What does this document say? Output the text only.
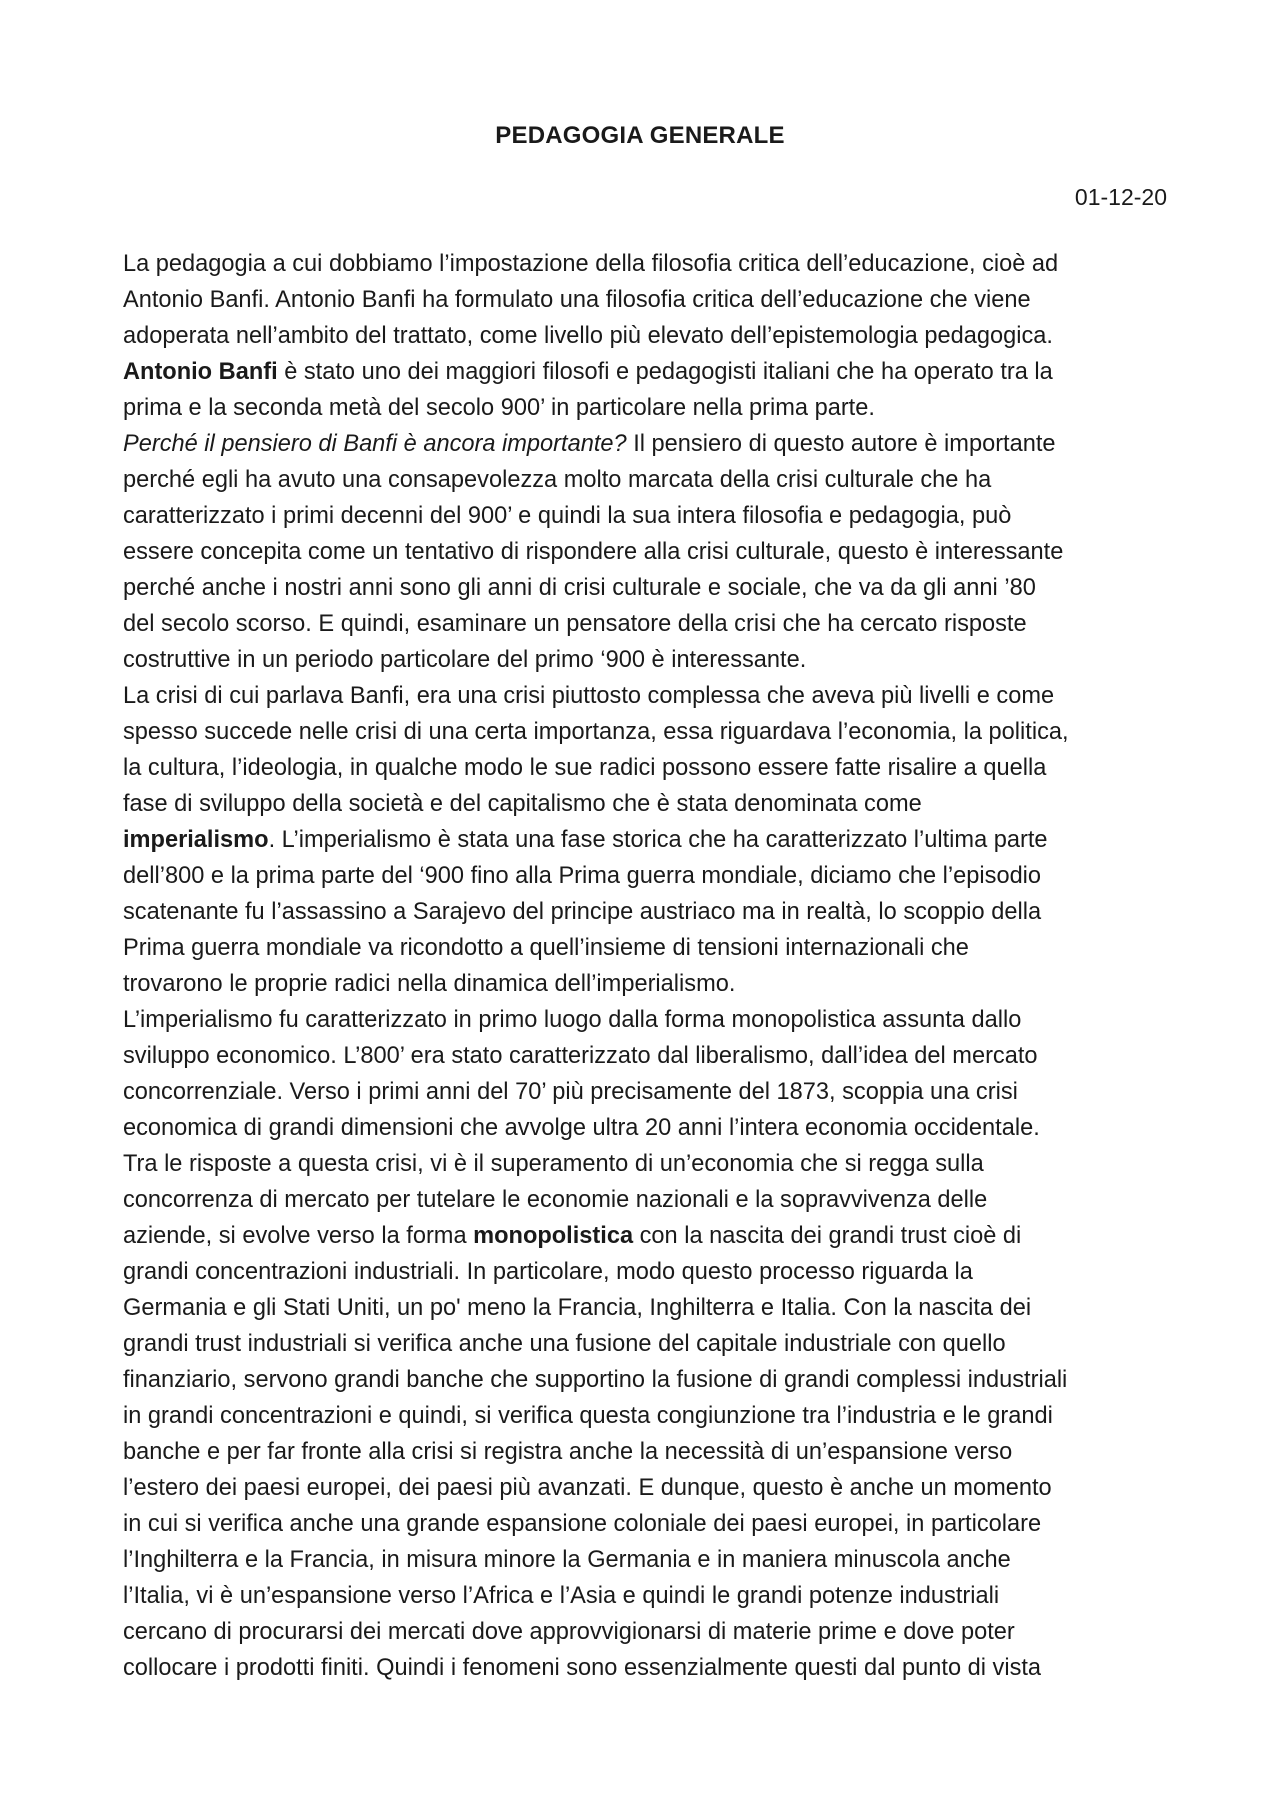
PEDAGOGIA GENERALE
01-12-20

La pedagogia a cui dobbiamo l’impostazione della filosofia critica dell’educazione, cioè ad
Antonio Banfi. Antonio Banfi ha formulato una filosofia critica dell’educazione che viene
adoperata nell’ambito del trattato, come livello più elevato dell’epistemologia pedagogica.
Antonio Banfi è stato uno dei maggiori filosofi e pedagogisti italiani che ha operato tra la
prima e la seconda metà del secolo 900’ in particolare nella prima parte.

Perché il pensiero di Banfi è ancora importante? Il pensiero di questo autore è importante
perché egli ha avuto una consapevolezza molto marcata della crisi culturale che ha
caratterizzato i primi decenni del 900’ e quindi la sua intera filosofia e pedagogia, può
essere concepita come un tentativo di rispondere alla crisi culturale, questo è interessante
perché anche i nostri anni sono gli anni di crisi culturale e sociale, che va da gli anni ’80
del secolo scorso. E quindi, esaminare un pensatore della crisi che ha cercato risposte
costruttive in un periodo particolare del primo ‘900 è interessante.

La crisi di cui parlava Banfi, era una crisi piuttosto complessa che aveva più livelli e come
spesso succede nelle crisi di una certa importanza, essa riguardava l’economia, la politica,
la cultura, l’ideologia, in qualche modo le sue radici possono essere fatte risalire a quella
fase di sviluppo della società e del capitalismo che è stata denominata come
imperialismo. L’imperialismo è stata una fase storica che ha caratterizzato l’ultima parte
dell’800 e la prima parte del ‘900 fino alla Prima guerra mondiale, diciamo che l’episodio
scatenante fu l’assassino a Sarajevo del principe austriaco ma in realtà, lo scoppio della
Prima guerra mondiale va ricondotto a quell’insieme di tensioni internazionali che
trovarono le proprie radici nella dinamica dell’imperialismo.

L’imperialismo fu caratterizzato in primo luogo dalla forma monopolistica assunta dallo
sviluppo economico. L’800’ era stato caratterizzato dal liberalismo, dall’idea del mercato
concorrenziale. Verso i primi anni del 70’ più precisamente del 1873, scoppia una crisi
economica di grandi dimensioni che avvolge ultra 20 anni l’intera economia occidentale.
Tra le risposte a questa crisi, vi è il superamento di un’economia che si regga sulla
concorrenza di mercato per tutelare le economie nazionali e la sopravvivenza delle
aziende, si evolve verso la forma monopolistica con la nascita dei grandi trust cioè di
grandi concentrazioni industriali. In particolare, modo questo processo riguarda la
Germania e gli Stati Uniti, un po' meno la Francia, Inghilterra e Italia. Con la nascita dei
grandi trust industriali si verifica anche una fusione del capitale industriale con quello
finanziario, servono grandi banche che supportino la fusione di grandi complessi industriali
in grandi concentrazioni e quindi, si verifica questa congiunzione tra l’industria e le grandi
banche e per far fronte alla crisi si registra anche la necessità di un’espansione verso
l’estero dei paesi europei, dei paesi più avanzati. E dunque, questo è anche un momento
in cui si verifica anche una grande espansione coloniale dei paesi europei, in particolare
l’Inghilterra e la Francia, in misura minore la Germania e in maniera minuscola anche
l’Italia, vi è un’espansione verso l’Africa e l’Asia e quindi le grandi potenze industriali
cercano di procurarsi dei mercati dove approvvigionarsi di materie prime e dove poter
collocare i prodotti finiti. Quindi i fenomeni sono essenzialmente questi dal punto di vista
